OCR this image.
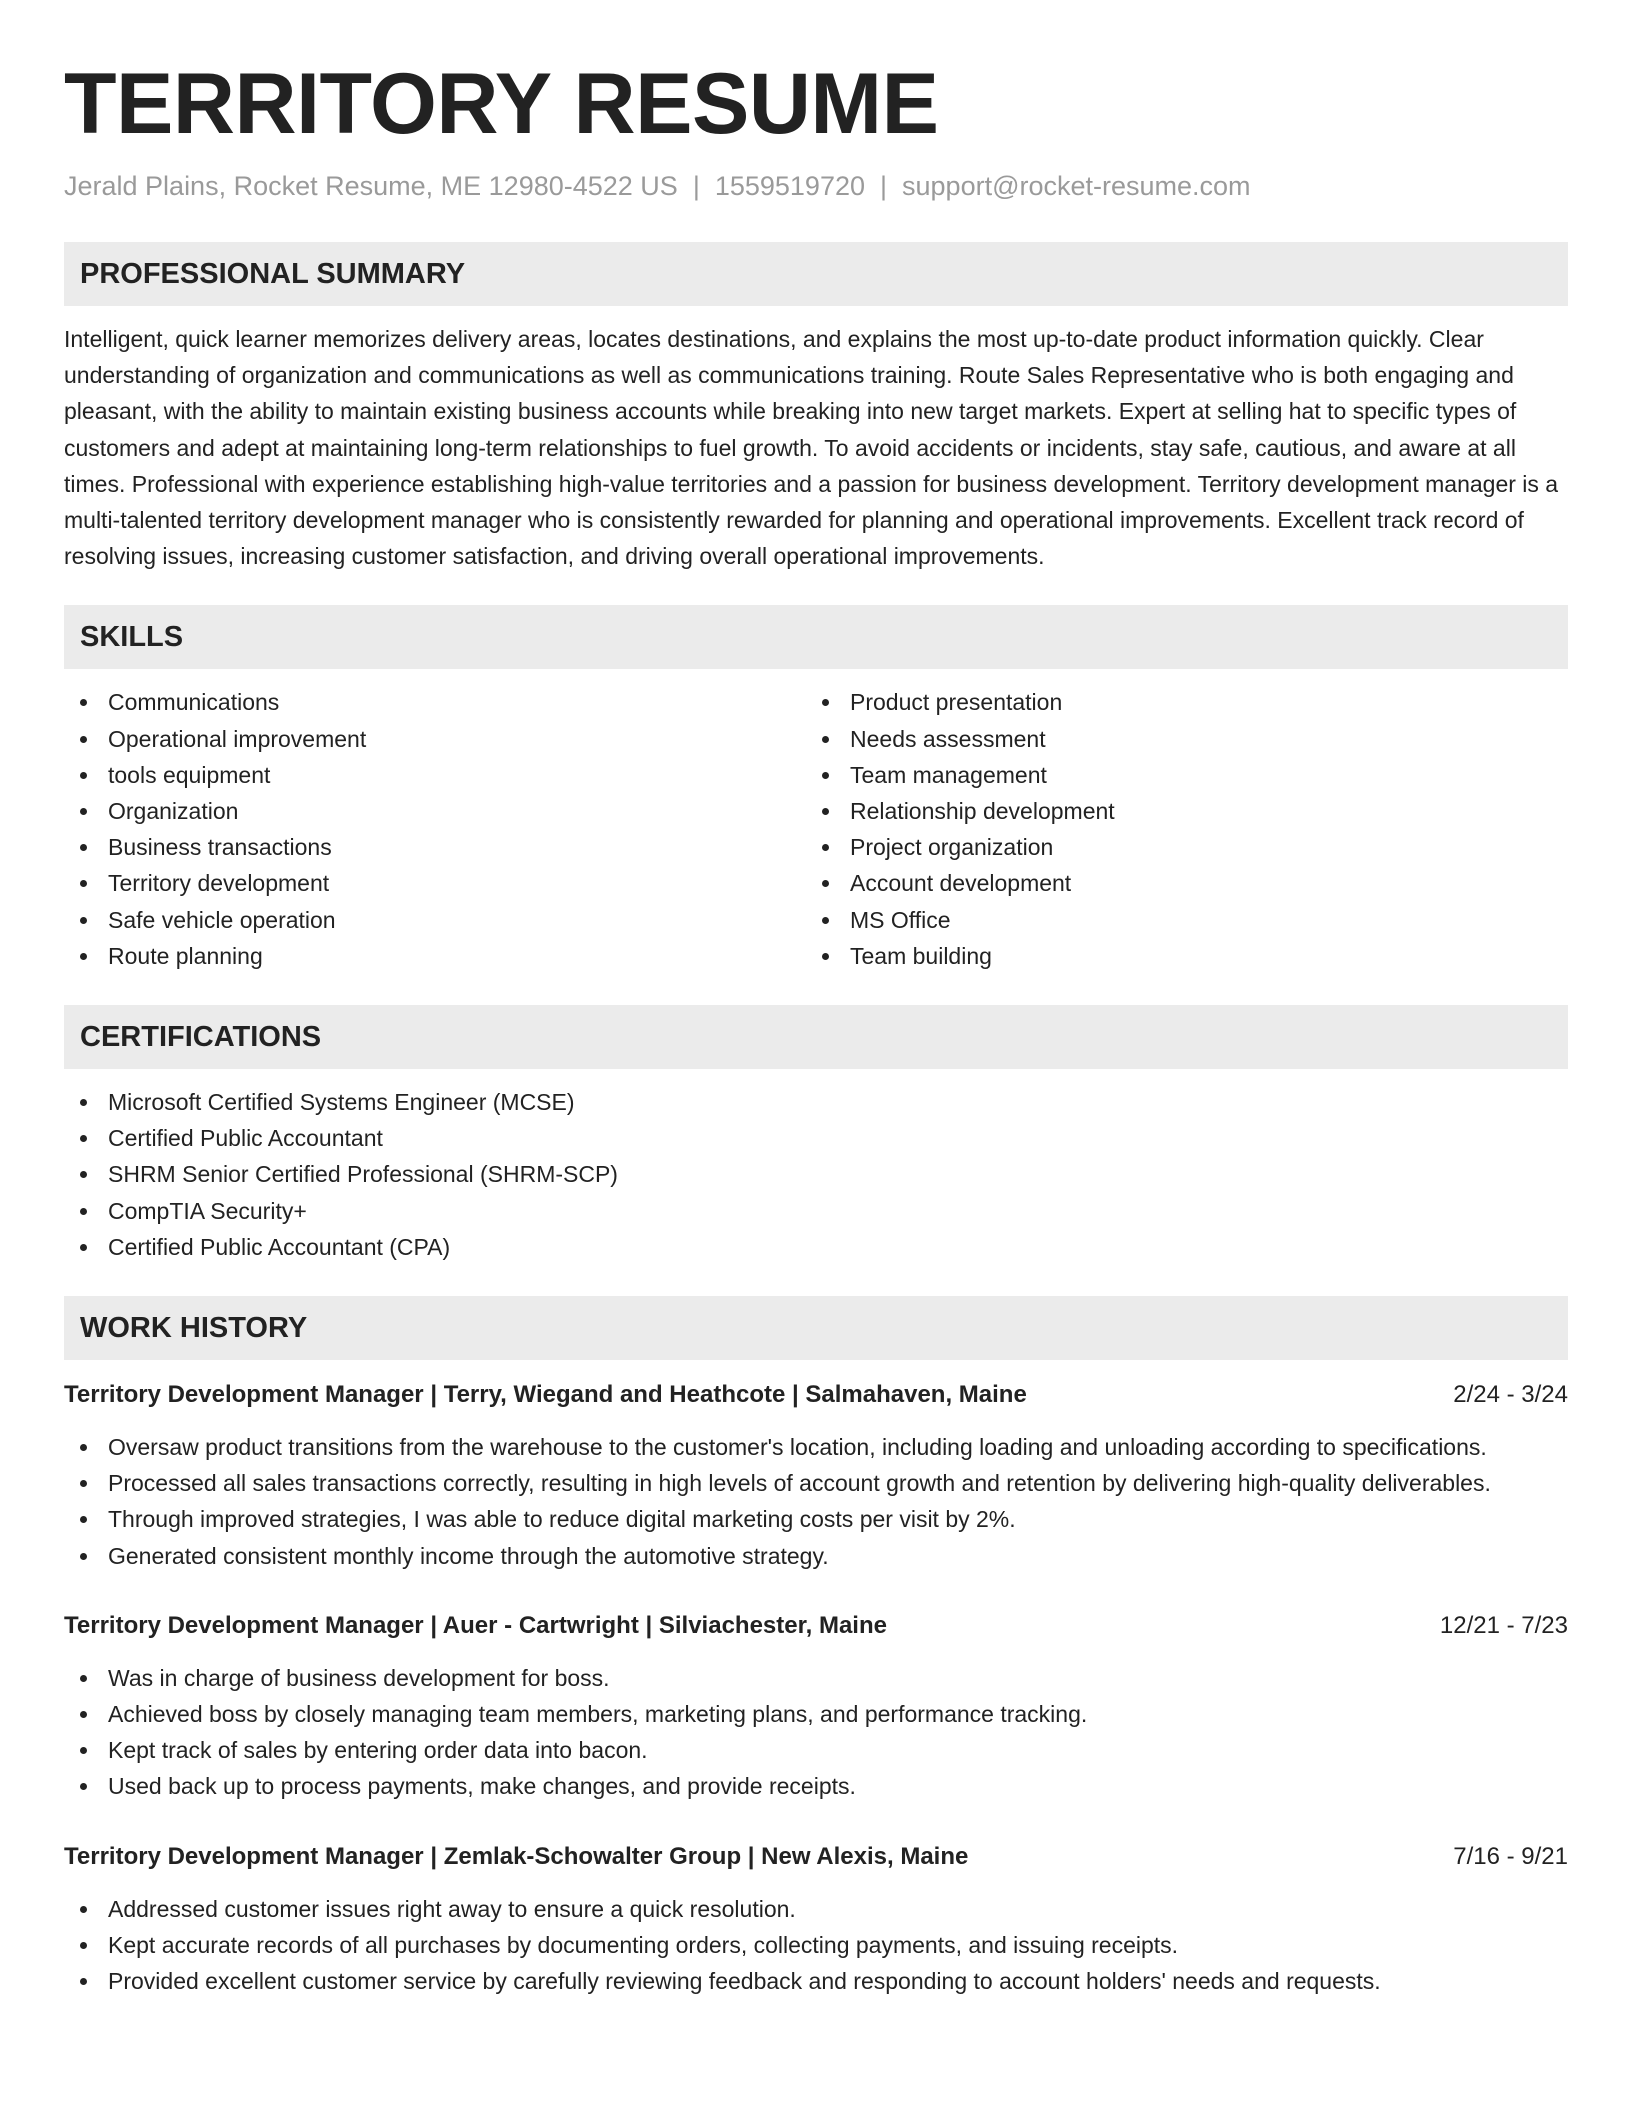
TERRITORY RESUME
Jerald Plains, Rocket Resume, ME 12980-4522 US | 1559519720 | support@rocket-resume.com
PROFESSIONAL SUMMARY

Intelligent, quick learner memorizes delivery areas, locates destinations, and explains the most up-to-date product information quickly. Clear understanding of organization and communications as well as communications training. Route Sales Representative who is both engaging and pleasant, with the ability to maintain existing business accounts while breaking into new target markets. Expert at selling hat to specific types of customers and adept at maintaining long-term relationships to fuel growth. To avoid accidents or incidents, stay safe, cautious, and aware at all times. Professional with experience establishing high-value territories and a passion for business development. Territory development manager is a multi-talented territory development manager who is consistently rewarded for planning and operational improvements. Excellent track record of resolving issues, increasing customer satisfaction, and driving overall operational improvements.

SKILLS
Communications
Operational improvement
tools equipment
Organization
Business transactions
Territory development
Safe vehicle operation
Route planning
Product presentation
Needs assessment
Team management
Relationship development
Project organization
Account development
MS Office
Team building
CERTIFICATIONS
Microsoft Certified Systems Engineer (MCSE)
Certified Public Accountant
SHRM Senior Certified Professional (SHRM-SCP)
CompTIA Security+
Certified Public Accountant (CPA)
WORK HISTORY
Territory Development Manager | Terry, Wiegand and Heathcote | Salmahaven, Maine	2/24 - 3/24
Oversaw product transitions from the warehouse to the customer's location, including loading and unloading according to specifications.
Processed all sales transactions correctly, resulting in high levels of account growth and retention by delivering high-quality deliverables.
Through improved strategies, I was able to reduce digital marketing costs per visit by 2%.
Generated consistent monthly income through the automotive strategy.
Territory Development Manager | Auer - Cartwright | Silviachester, Maine	12/21 - 7/23
Was in charge of business development for boss.
Achieved boss by closely managing team members, marketing plans, and performance tracking.
Kept track of sales by entering order data into bacon.
Used back up to process payments, make changes, and provide receipts.
Territory Development Manager | Zemlak-Schowalter Group | New Alexis, Maine	7/16 - 9/21
Addressed customer issues right away to ensure a quick resolution.
Kept accurate records of all purchases by documenting orders, collecting payments, and issuing receipts.
Provided excellent customer service by carefully reviewing feedback and responding to account holders' needs and requests.
